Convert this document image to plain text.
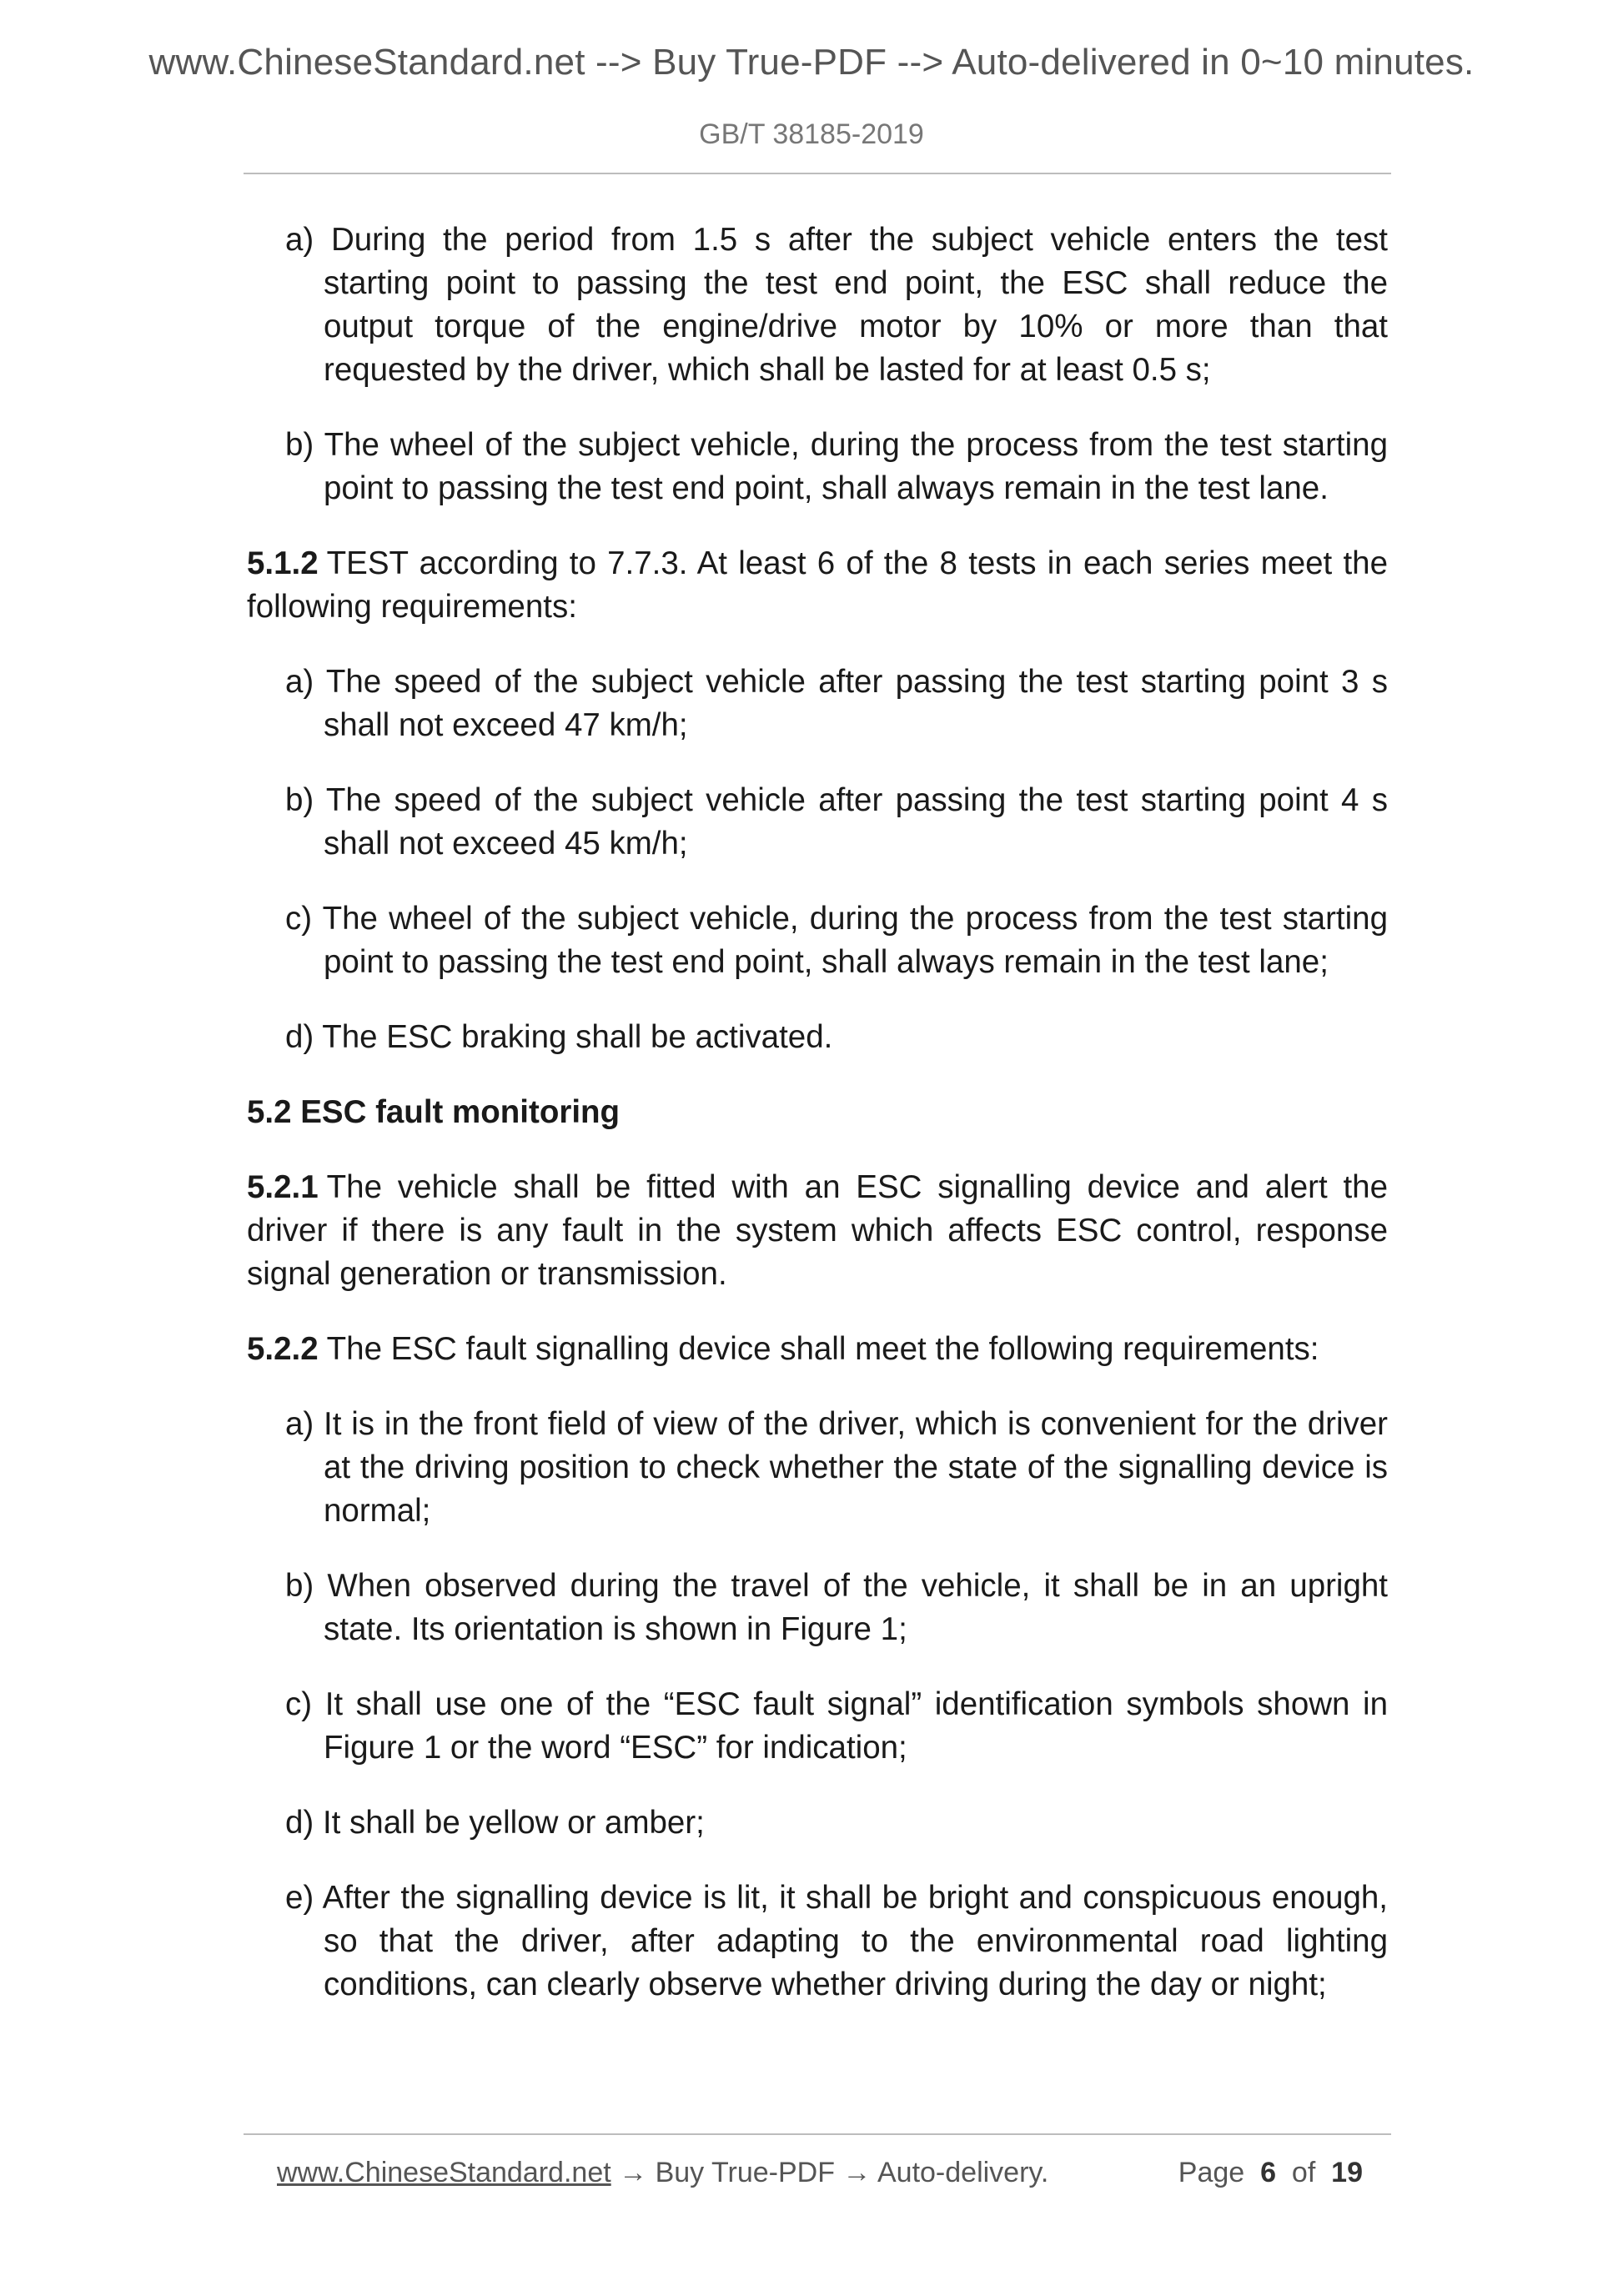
www.ChineseStandard.net --> Buy True-PDF --> Auto-delivered in 0~10 minutes.
GB/T 38185-2019
a) During the period from 1.5 s after the subject vehicle enters the test starting point to passing the test end point, the ESC shall reduce the output torque of the engine/drive motor by 10% or more than that requested by the driver, which shall be lasted for at least 0.5 s;
b) The wheel of the subject vehicle, during the process from the test starting point to passing the test end point, shall always remain in the test lane.
5.1.2 TEST according to 7.7.3. At least 6 of the 8 tests in each series meet the following requirements:
a) The speed of the subject vehicle after passing the test starting point 3 s shall not exceed 47 km/h;
b) The speed of the subject vehicle after passing the test starting point 4 s shall not exceed 45 km/h;
c) The wheel of the subject vehicle, during the process from the test starting point to passing the test end point, shall always remain in the test lane;
d) The ESC braking shall be activated.
5.2 ESC fault monitoring
5.2.1 The vehicle shall be fitted with an ESC signalling device and alert the driver if there is any fault in the system which affects ESC control, response signal generation or transmission.
5.2.2 The ESC fault signalling device shall meet the following requirements:
a) It is in the front field of view of the driver, which is convenient for the driver at the driving position to check whether the state of the signalling device is normal;
b) When observed during the travel of the vehicle, it shall be in an upright state. Its orientation is shown in Figure 1;
c) It shall use one of the “ESC fault signal” identification symbols shown in Figure 1 or the word “ESC” for indication;
d) It shall be yellow or amber;
e) After the signalling device is lit, it shall be bright and conspicuous enough, so that the driver, after adapting to the environmental road lighting conditions, can clearly observe whether driving during the day or night;
www.ChineseStandard.net → Buy True-PDF → Auto-delivery.	Page 6 of 19
